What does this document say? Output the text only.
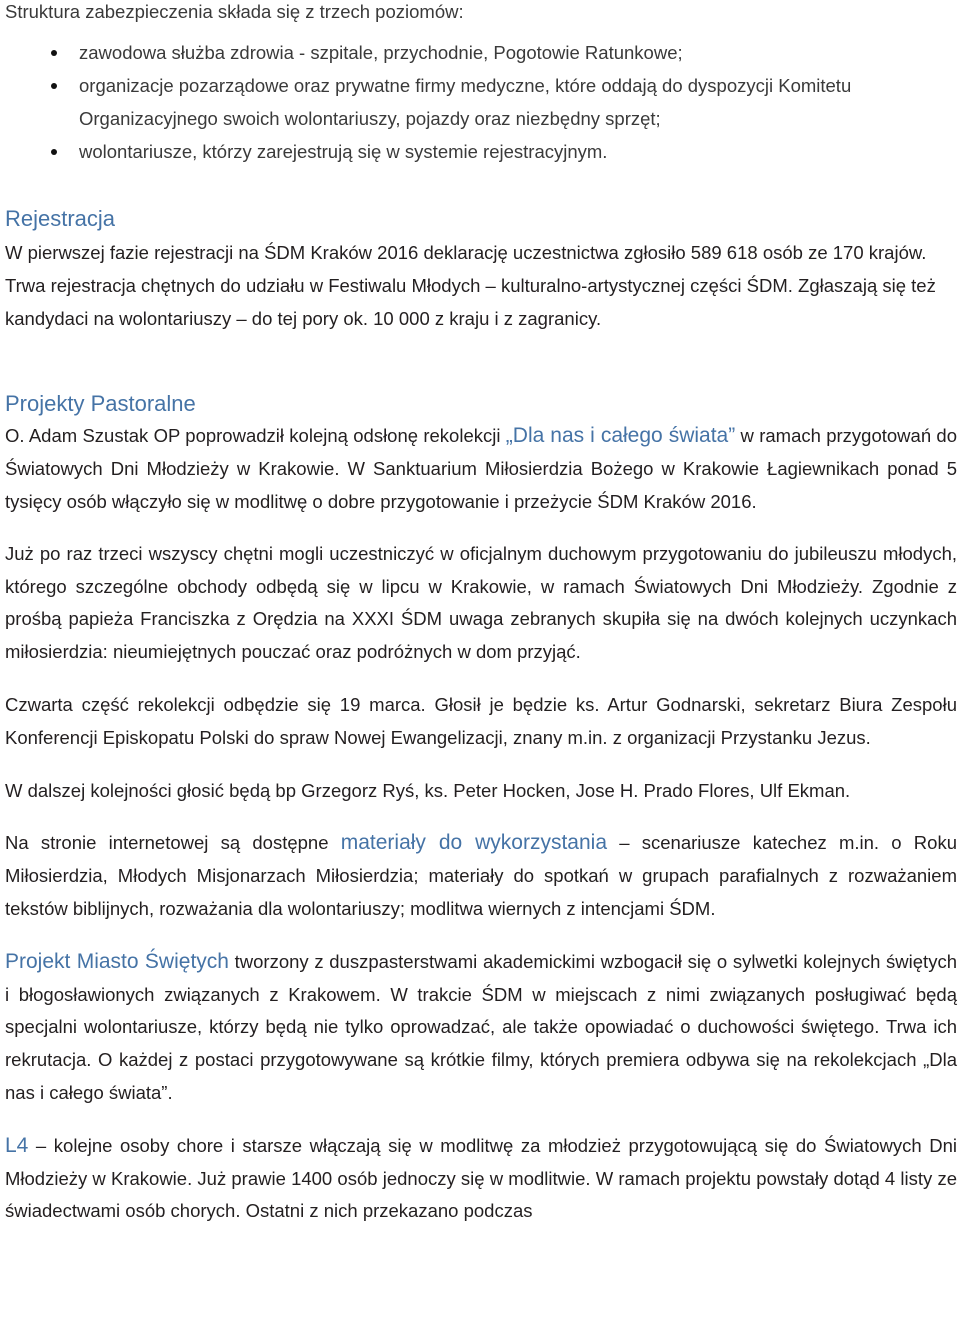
Struktura zabezpieczenia składa się z trzech poziomów:
zawodowa służba zdrowia - szpitale, przychodnie, Pogotowie Ratunkowe;
organizacje pozarządowe oraz prywatne firmy medyczne, które oddają do dyspozycji Komitetu Organizacyjnego swoich wolontariuszy, pojazdy oraz niezbędny sprzęt;
wolontariusze, którzy zarejestrują się w systemie rejestracyjnym.
Rejestracja

W pierwszej fazie rejestracji na ŚDM Kraków 2016 deklarację uczestnictwa zgłosiło 589 618 osób ze 170 krajów. Trwa rejestracja chętnych do udziału w Festiwalu Młodych – kulturalno-artystycznej części ŚDM. Zgłaszają się też kandydaci na wolontariuszy – do tej pory ok. 10 000 z kraju i z zagranicy.

Projekty Pastoralne

O. Adam Szustak OP poprowadził kolejną odsłonę rekolekcji „Dla nas i całego świata” w ramach przygotowań do Światowych Dni Młodzieży w Krakowie. W Sanktuarium Miłosierdzia Bożego w Krakowie Łagiewnikach ponad 5 tysięcy osób włączyło się w modlitwę o dobre przygotowanie i przeżycie ŚDM Kraków 2016.

Już po raz trzeci wszyscy chętni mogli uczestniczyć w oficjalnym duchowym przygotowaniu do jubileuszu młodych, którego szczególne obchody odbędą się w lipcu w Krakowie, w ramach Światowych Dni Młodzieży. Zgodnie z prośbą papieża Franciszka z Orędzia na XXXI ŚDM uwaga zebranych skupiła się na dwóch kolejnych uczynkach miłosierdzia: nieumiejętnych pouczać oraz podróżnych w dom przyjąć.

Czwarta część rekolekcji odbędzie się 19 marca. Głosił je będzie ks. Artur Godnarski, sekretarz Biura Zespołu Konferencji Episkopatu Polski do spraw Nowej Ewangelizacji, znany m.in. z organizacji Przystanku Jezus.

W dalszej kolejności głosić będą bp Grzegorz Ryś, ks. Peter Hocken, Jose H. Prado Flores, Ulf Ekman.

Na stronie internetowej są dostępne materiały do wykorzystania – scenariusze katechez m.in. o Roku Miłosierdzia, Młodych Misjonarzach Miłosierdzia; materiały do spotkań w grupach parafialnych z rozważaniem tekstów biblijnych, rozważania dla wolontariuszy; modlitwa wiernych z intencjami ŚDM.

Projekt Miasto Świętych tworzony z duszpasterstwami akademickimi wzbogacił się o sylwetki kolejnych świętych i błogosławionych związanych z Krakowem. W trakcie ŚDM w miejscach z nimi związanych posługiwać będą specjalni wolontariusze, którzy będą nie tylko oprowadzać, ale także opowiadać o duchowości świętego. Trwa ich rekrutacja. O każdej z postaci przygotowywane są krótkie filmy, których premiera odbywa się na rekolekcjach „Dla nas i całego świata”.

L4 – kolejne osoby chore i starsze włączają się w modlitwę za młodzież przygotowującą się do Światowych Dni Młodzieży w Krakowie. Już prawie 1400 osób jednoczy się w modlitwie. W ramach projektu powstały dotąd 4 listy ze świadectwami osób chorych. Ostatni z nich przekazano podczas
